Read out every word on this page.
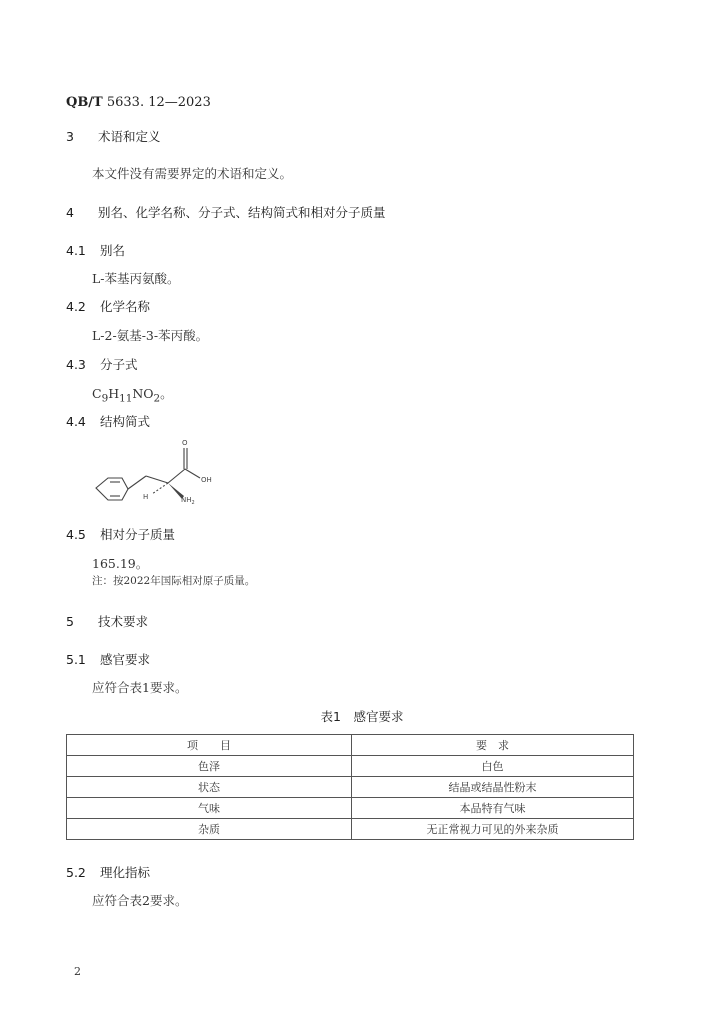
QB/T 5633. 12—2023
3 术语和定义
本文件没有需要界定的术语和定义。
4 别名、化学名称、分子式、结构简式和相对分子质量
4.1 别名
L-苯基丙氨酸。
4.2 化学名称
L-2-氨基-3-苯丙酸。
4.3 分子式
$C_9H_{11}NO_2$。
4.4 结构简式
O
OH
H	$NH_2$
4.5 相对分子质量
165.19。
注：按2022年国际相对原子质量。
5 技术要求
5.1 感官要求
应符合表1要求。
表1　感官要求
项　　目	要　求
色泽	白色
状态	结晶或结晶性粉末
气味	本品特有气味
杂质	无正常视力可见的外来杂质
5.2 理化指标
应符合表2要求。
2
